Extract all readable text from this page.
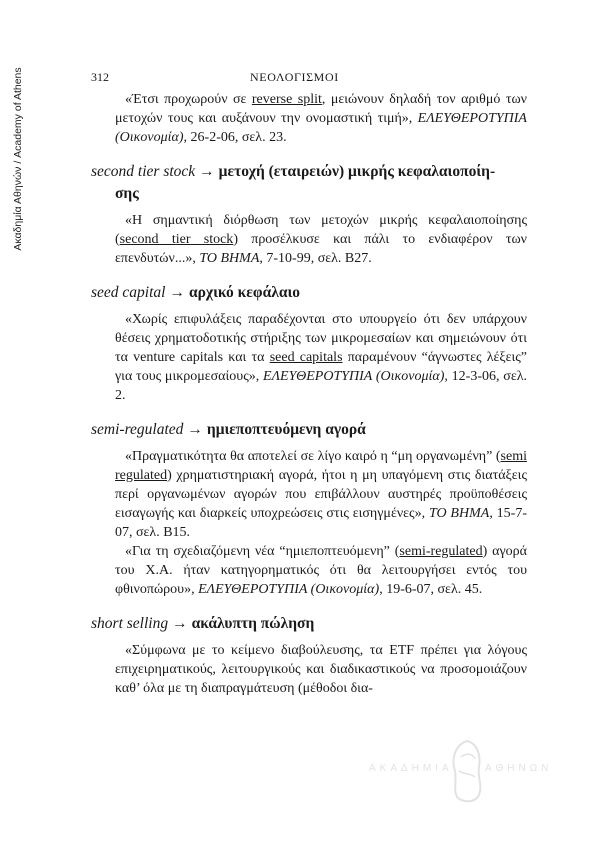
Ακαδημία Αθηνών / Academy of Athens	312	ΝΕΟΛΟΓΙΣΜΟΙ

«Έτσι προχωρούν σε reverse split, μειώνουν δηλαδή τον αριθμό των μετοχών τους και αυξάνουν την ονομαστική τιμή», ΕΛΕΥΘΕΡΟΤΥΠΙΑ (Οικονομία), 26-2-06, σελ. 23.

second tier stock → μετοχή (εταιρειών) μικρής κεφαλαιοποίη-
σης

«Η σημαντική διόρθωση των μετοχών μικρής κεφαλαιοποίησης (second tier stock) προσέλκυσε και πάλι το ενδιαφέρον των επενδυτών...», ΤΟ ΒΗΜΑ, 7-10-99, σελ. Β27.

seed capital → αρχικό κεφάλαιο

«Χωρίς επιφυλάξεις παραδέχονται στο υπουργείο ότι δεν υπάρχουν θέσεις χρηματοδοτικής στήριξης των μικρομεσαίων και σημειώνουν ότι τα venture capitals και τα seed capitals παραμένουν “άγνωστες λέξεις” για τους μικρομεσαίους», ΕΛΕΥΘΕΡΟΤΥΠΙΑ (Οικονομία), 12-3-06, σελ. 2.

semi-regulated → ημιεποπτευόμενη αγορά

«Πραγματικότητα θα αποτελεί σε λίγο καιρό η “μη οργανωμένη” (semi regulated) χρηματιστηριακή αγορά, ήτοι η μη υπαγόμενη στις διατάξεις περί οργανωμένων αγορών που επιβάλλουν αυστηρές προϋποθέσεις εισαγωγής και διαρκείς υποχρεώσεις στις εισηγμένες», ΤΟ ΒΗΜΑ, 15-7-07, σελ. Β15.

«Για τη σχεδιαζόμενη νέα “ημιεποπτευόμενη” (semi-regulated) αγορά του Χ.Α. ήταν κατηγορηματικός ότι θα λειτουργήσει εντός του φθινοπώρου», ΕΛΕΥΘΕΡΟΤΥΠΙΑ (Οικονομία), 19-6-07, σελ. 45.

short selling → ακάλυπτη πώληση

«Σύμφωνα με το κείμενο διαβούλευσης, τα ETF πρέπει για λόγους επιχειρηματικούς, λειτουργικούς και διαδικαστικούς να προσομοιάζουν καθ’ όλα με τη διαπραγμάτευση (μέθοδοι δια-

ΑΚΑΔΗΜΙΑ	ΑΘΗΝΩΝ
